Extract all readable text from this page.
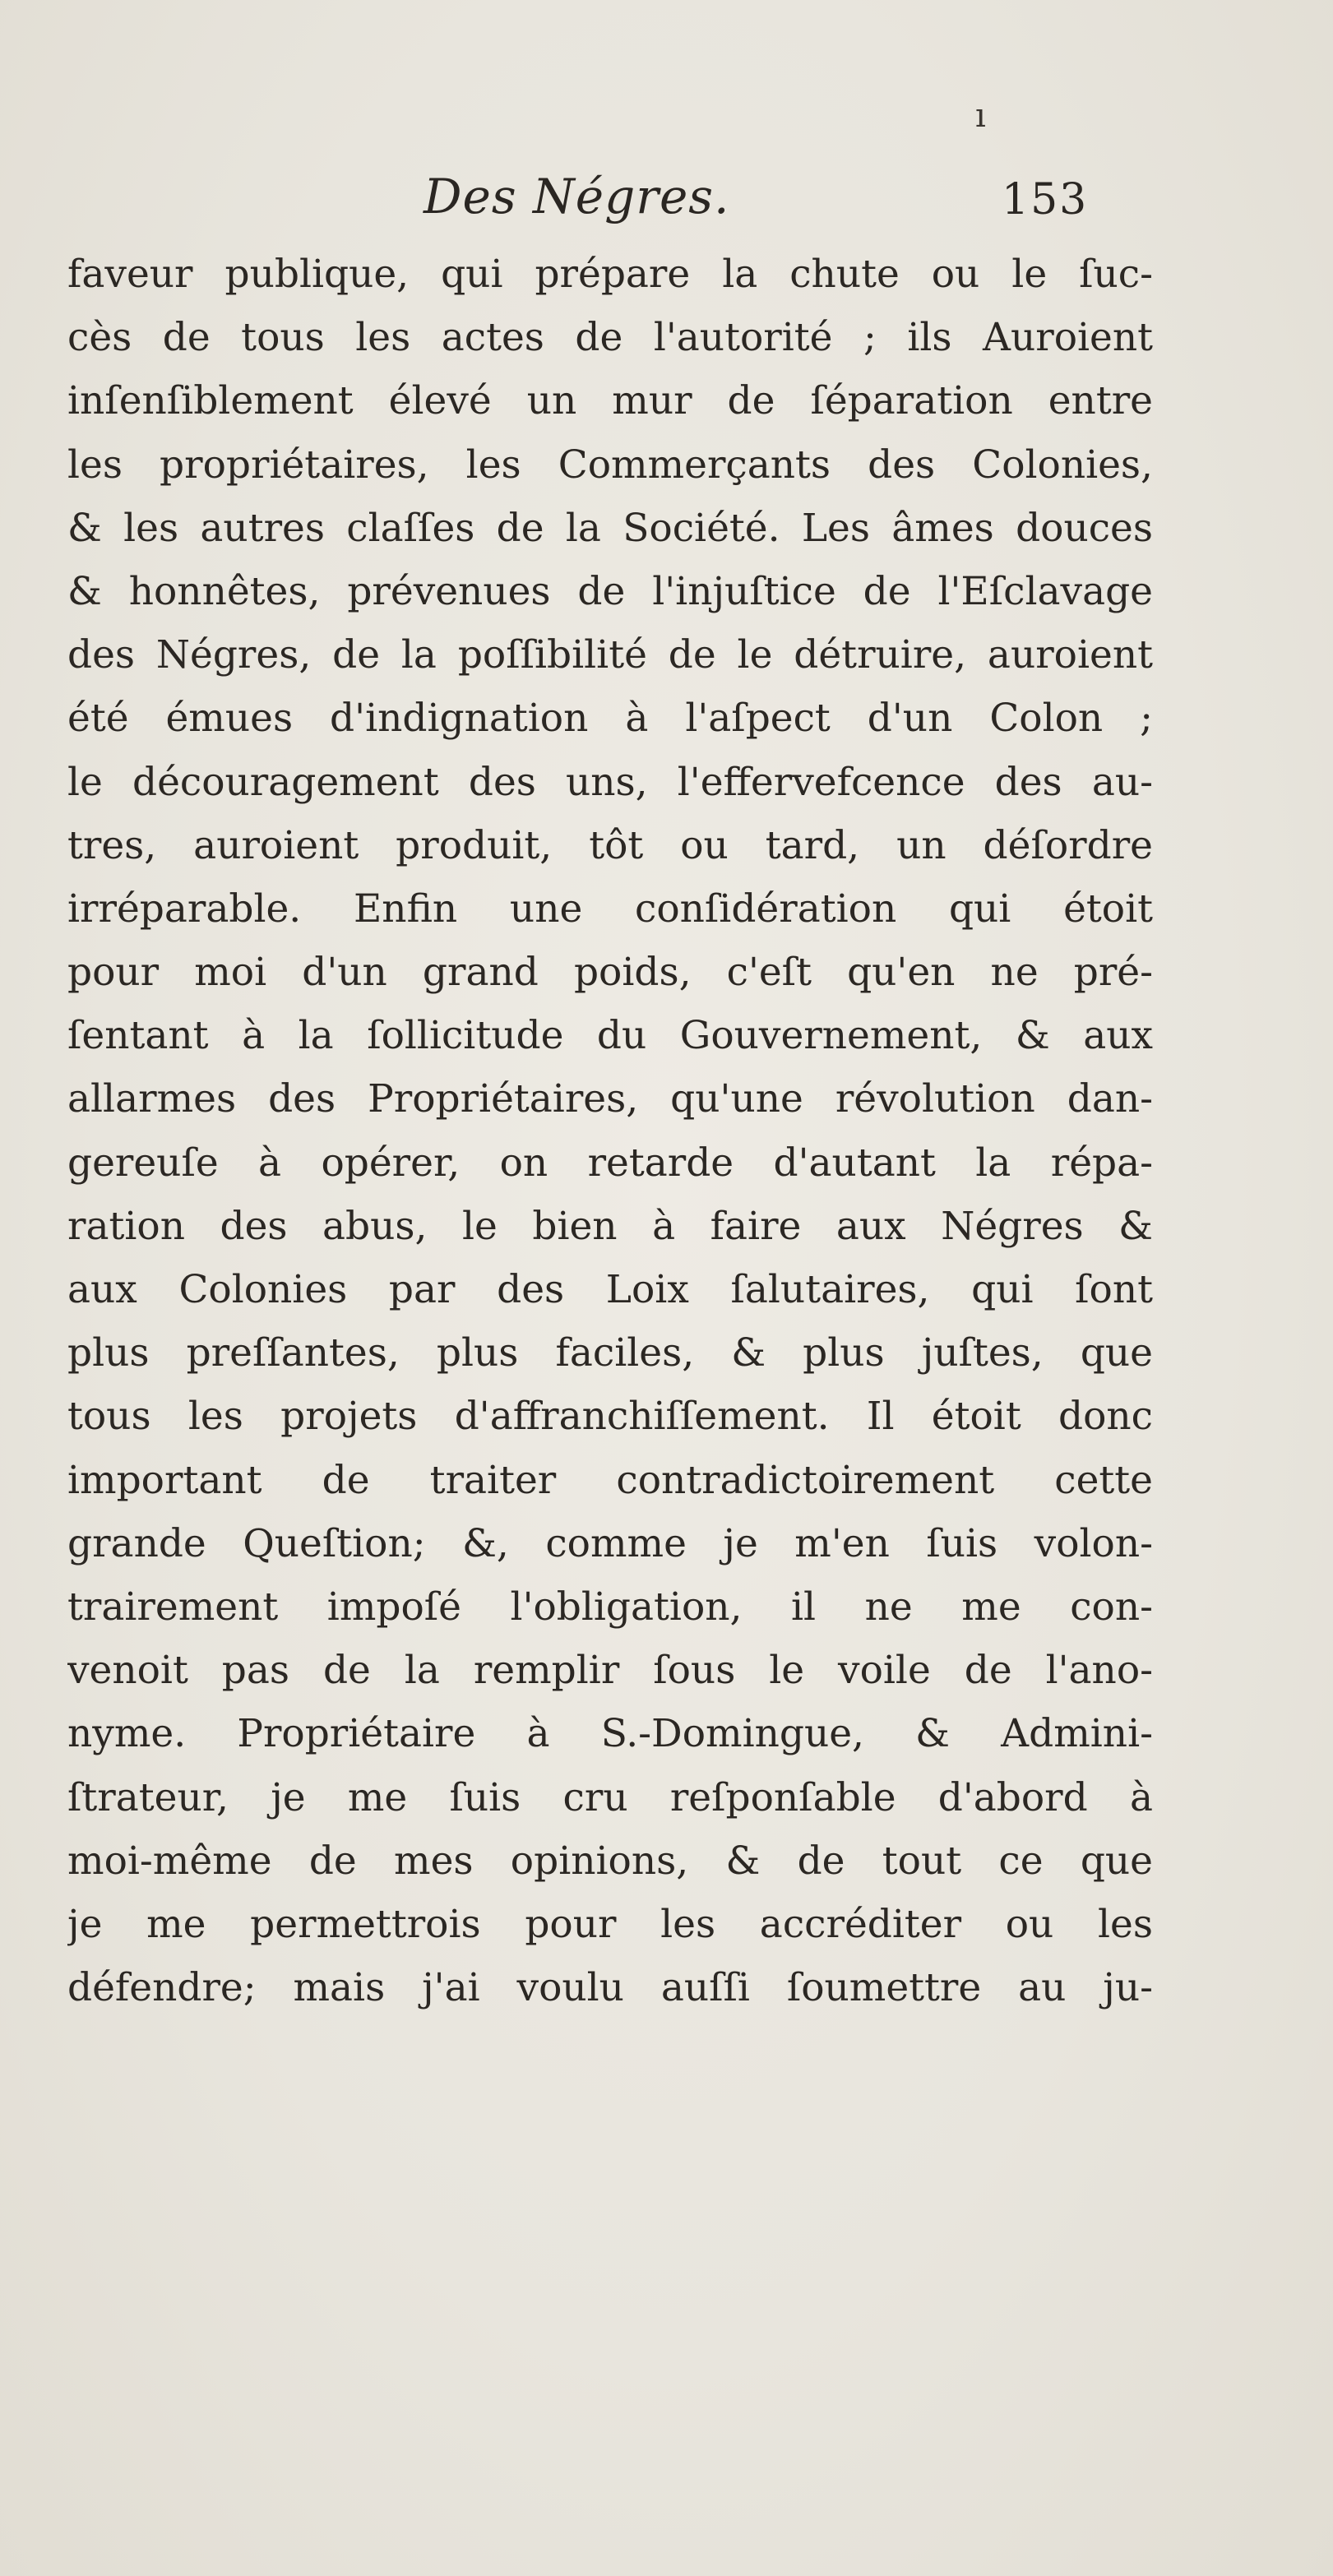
ı
Des Négres.	153
faveur publique, qui prépare la chute ou le ſuc-
cès de tous les actes de l'autorité ; ils Auroient
inſenſiblement élevé un mur de ſéparation entre
les propriétaires, les Commerçants des Colonies,
& les autres claſſes de la Société. Les âmes douces
& honnêtes, prévenues de l'injuſtice de l'Eſclavage
des Négres, de la poſſibilité de le détruire, auroient
été émues d'indignation à l'aſpect d'un Colon ;
le découragement des uns, l'effervefcence des au-
tres, auroient produit, tôt ou tard, un déſordre
irréparable. Enfin une conſidération qui étoit
pour moi d'un grand poids, c'eſt qu'en ne pré-
ſentant à la ſollicitude du Gouvernement, & aux
allarmes des Propriétaires, qu'une révolution dan-
gereuſe à opérer, on retarde d'autant la répa-
ration des abus, le bien à faire aux Négres &
aux Colonies par des Loix ſalutaires, qui ſont
plus preſſantes, plus faciles, & plus juſtes, que
tous les projets d'affranchiſſement. Il étoit donc
important de traiter contradictoirement cette
grande Queſtion; &, comme je m'en ſuis volon-
trairement impoſé l'obligation, il ne me con-
venoit pas de la remplir ſous le voile de l'ano-
nyme. Propriétaire à S.-Domingue, & Admini-
ſtrateur, je me ſuis cru reſponſable d'abord à
moi-même de mes opinions, & de tout ce que
je me permettrois pour les accréditer ou les
défendre; mais j'ai voulu auſſi ſoumettre au ju-
